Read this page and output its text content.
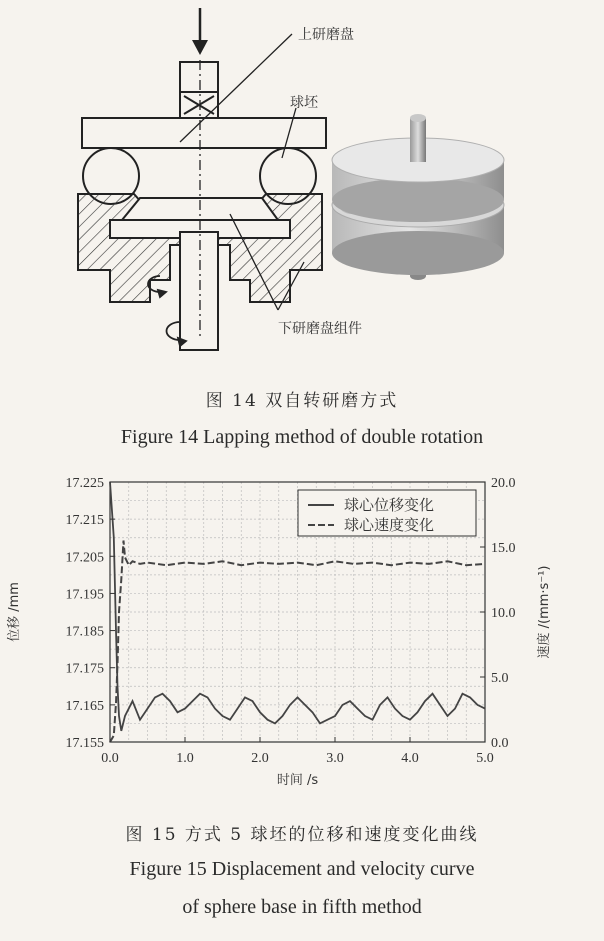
上研磨盘
球坯
下研磨盘组件
图 14 双自转研磨方式
Figure 14 Lapping method of double rotation
0.0	1.0	2.0	3.0	4.0	5.0
17.155
17.165
17.175
17.185
17.195
17.205
17.215
17.225
0.0
5.0
10.0
15.0
20.0
球心位移变化
球心速度变化
时间 /s
位移 /mm	速度 /(mm·s⁻¹)
图 15 方式 5 球坯的位移和速度变化曲线
Figure 15 Displacement and velocity curve
of sphere base in fifth method
